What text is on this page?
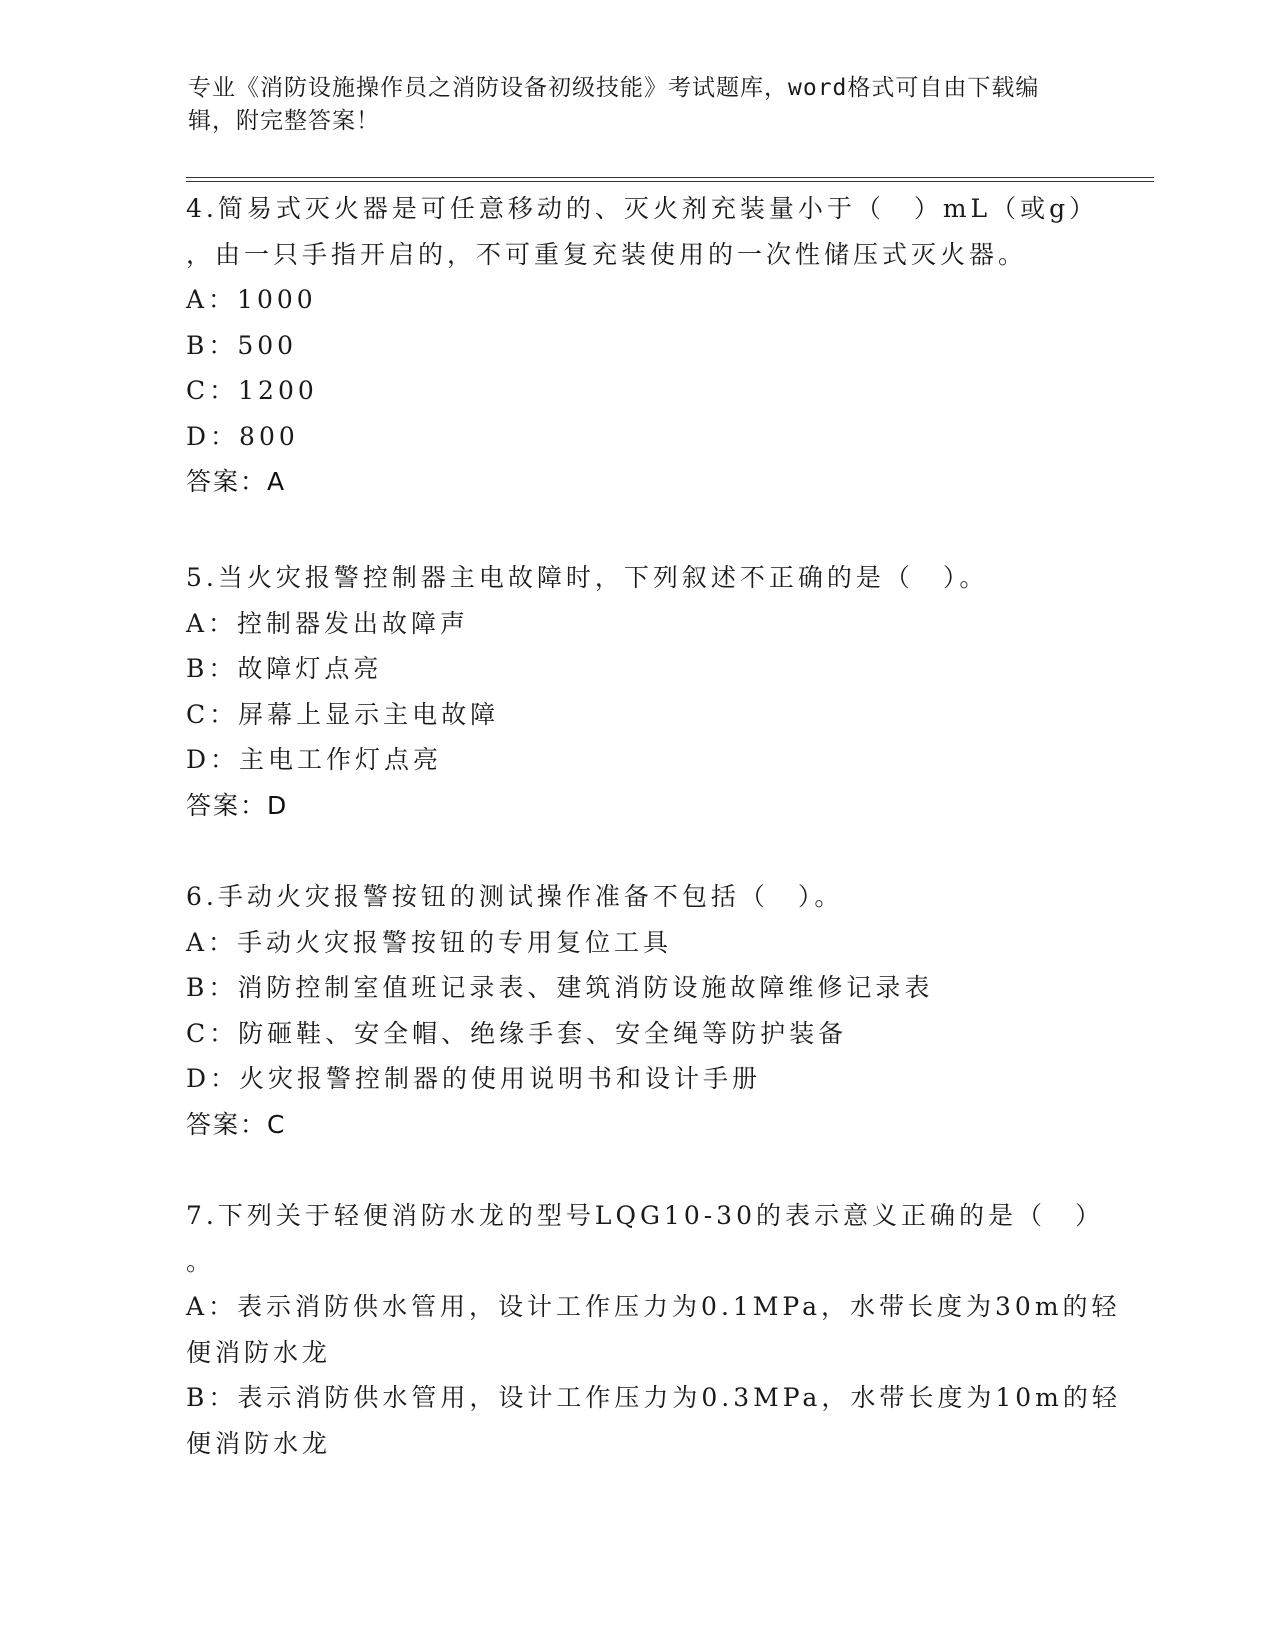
专业《消防设施操作员之消防设备初级技能》考试题库，word格式可自由下载编
辑，附完整答案！
4.简易式灭火器是可任意移动的、灭火剂充装量小于（　）mL（或g）
，由一只手指开启的，不可重复充装使用的一次性储压式灭火器。
A：1000
B：500
C：1200
D：800
答案：A
5.当火灾报警控制器主电故障时，下列叙述不正确的是（　）。
A：控制器发出故障声
B：故障灯点亮
C：屏幕上显示主电故障
D：主电工作灯点亮
答案：D
6.手动火灾报警按钮的测试操作准备不包括（　）。
A：手动火灾报警按钮的专用复位工具
B：消防控制室值班记录表、建筑消防设施故障维修记录表
C：防砸鞋、安全帽、绝缘手套、安全绳等防护装备
D：火灾报警控制器的使用说明书和设计手册
答案：C
7.下列关于轻便消防水龙的型号LQG10-30的表示意义正确的是（　）
。
A：表示消防供水管用，设计工作压力为0.1MPa，水带长度为30m的轻
便消防水龙
B：表示消防供水管用，设计工作压力为0.3MPa，水带长度为10m的轻
便消防水龙
